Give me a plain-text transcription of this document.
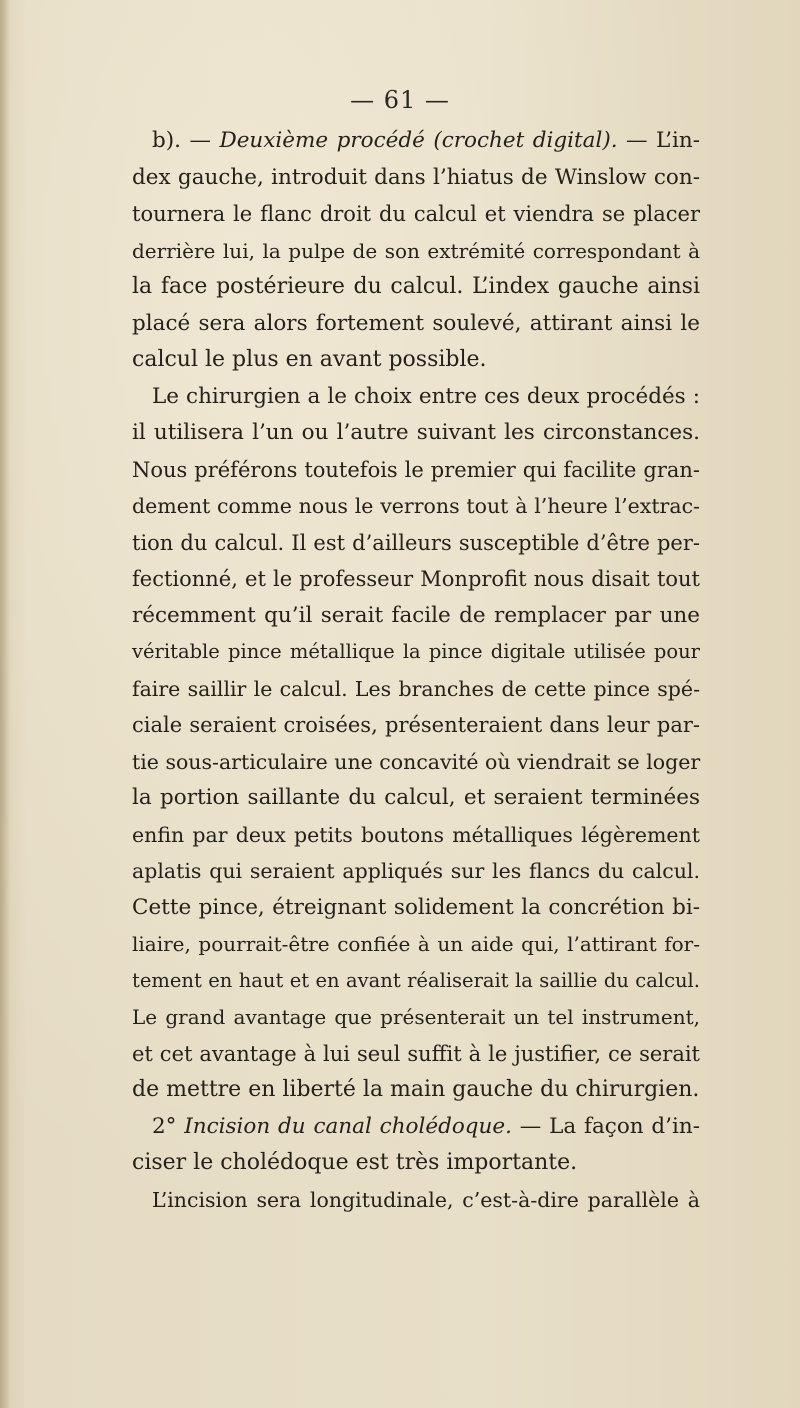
— 61 —
b). — Deuxième procédé (crochet digital). — L’in-
dex gauche, introduit dans l’hiatus de Winslow con-
tournera le flanc droit du calcul et viendra se placer
derrière lui, la pulpe de son extrémité correspondant à
la face postérieure du calcul. L’index gauche ainsi
placé sera alors fortement soulevé, attirant ainsi le
calcul le plus en avant possible.
Le chirurgien a le choix entre ces deux procédés :
il utilisera l’un ou l’autre suivant les circonstances.
Nous préférons toutefois le premier qui facilite gran-
dement comme nous le verrons tout à l’heure l’extrac-
tion du calcul. Il est d’ailleurs susceptible d’être per-
fectionné, et le professeur Monprofit nous disait tout
récemment qu’il serait facile de remplacer par une
véritable pince métallique la pince digitale utilisée pour
faire saillir le calcul. Les branches de cette pince spé-
ciale seraient croisées, présenteraient dans leur par-
tie sous-articulaire une concavité où viendrait se loger
la portion saillante du calcul, et seraient terminées
enfin par deux petits boutons métalliques légèrement
aplatis qui seraient appliqués sur les flancs du calcul.
Cette pince, étreignant solidement la concrétion bi-
liaire, pourrait-être confiée à un aide qui, l’attirant for-
tement en haut et en avant réaliserait la saillie du calcul.
Le grand avantage que présenterait un tel instrument,
et cet avantage à lui seul suffit à le justifier, ce serait
de mettre en liberté la main gauche du chirurgien.
2° Incision du canal cholédoque. — La façon d’in-
ciser le cholédoque est très importante.
L’incision sera longitudinale, c’est-à-dire parallèle à
